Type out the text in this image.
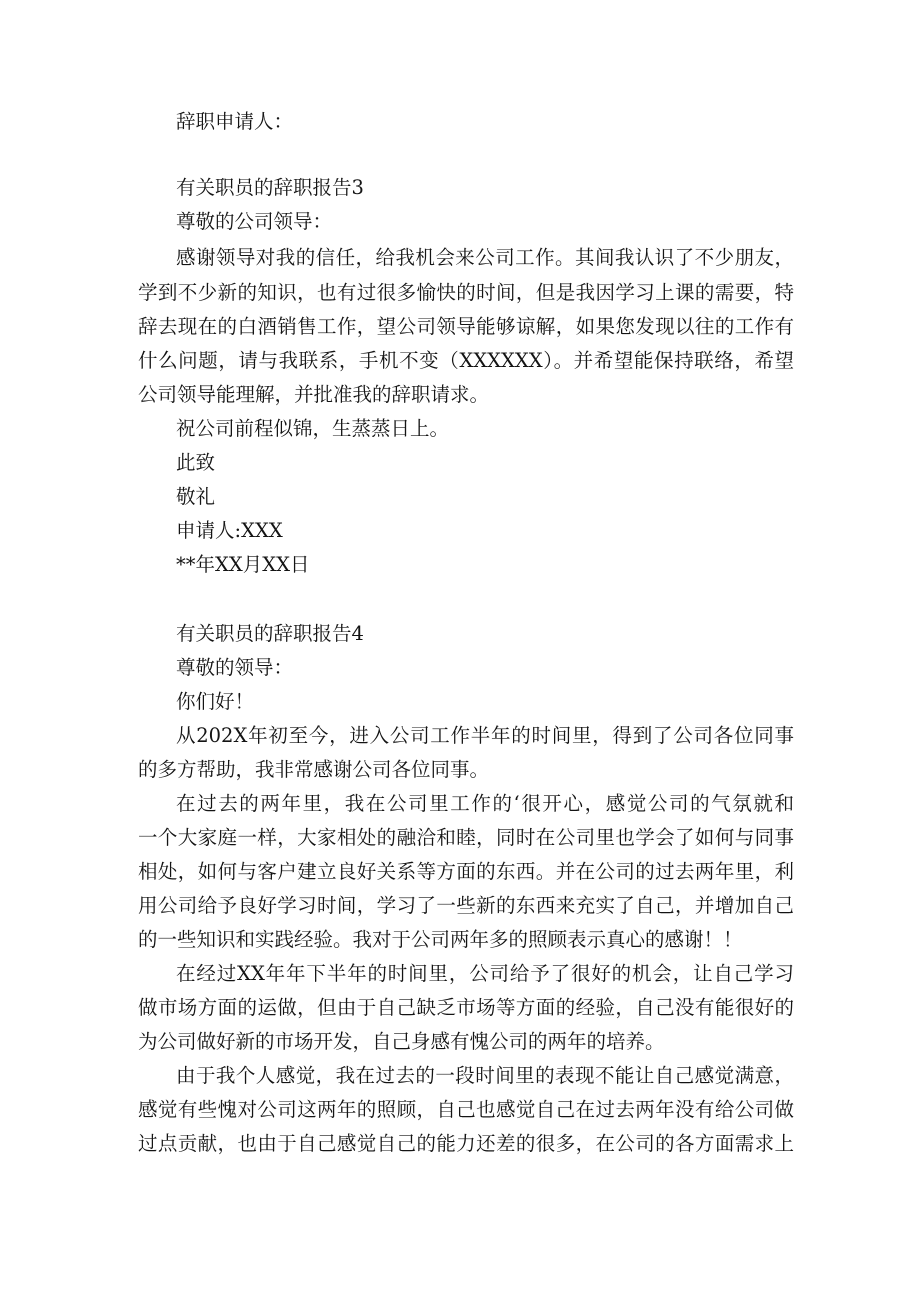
辞职申请人：
有关职员的辞职报告3
尊敬的公司领导：
感谢领导对我的信任，给我机会来公司工作。其间我认识了不少朋友，
学到不少新的知识，也有过很多愉快的时间，但是我因学习上课的需要，特
辞去现在的白酒销售工作，望公司领导能够谅解，如果您发现以往的工作有
什么问题，请与我联系，手机不变（XXXXXX）。并希望能保持联络，希望
公司领导能理解，并批准我的辞职请求。
祝公司前程似锦，生蒸蒸日上。
此致
敬礼
申请人:XXX
**年XX月XX日
有关职员的辞职报告4
尊敬的领导：
你们好！
从202X年初至今，进入公司工作半年的时间里，得到了公司各位同事
的多方帮助，我非常感谢公司各位同事。
在过去的两年里，我在公司里工作的‘很开心，感觉公司的气氛就和
一个大家庭一样，大家相处的融洽和睦，同时在公司里也学会了如何与同事
相处，如何与客户建立良好关系等方面的东西。并在公司的过去两年里，利
用公司给予良好学习时间，学习了一些新的东西来充实了自己，并增加自己
的一些知识和实践经验。我对于公司两年多的照顾表示真心的感谢！！
在经过XX年年下半年的时间里，公司给予了很好的机会，让自己学习
做市场方面的运做，但由于自己缺乏市场等方面的经验，自己没有能很好的
为公司做好新的市场开发，自己身感有愧公司的两年的培养。
由于我个人感觉，我在过去的一段时间里的表现不能让自己感觉满意，
感觉有些愧对公司这两年的照顾，自己也感觉自己在过去两年没有给公司做
过点贡献，也由于自己感觉自己的能力还差的很多，在公司的各方面需求上
